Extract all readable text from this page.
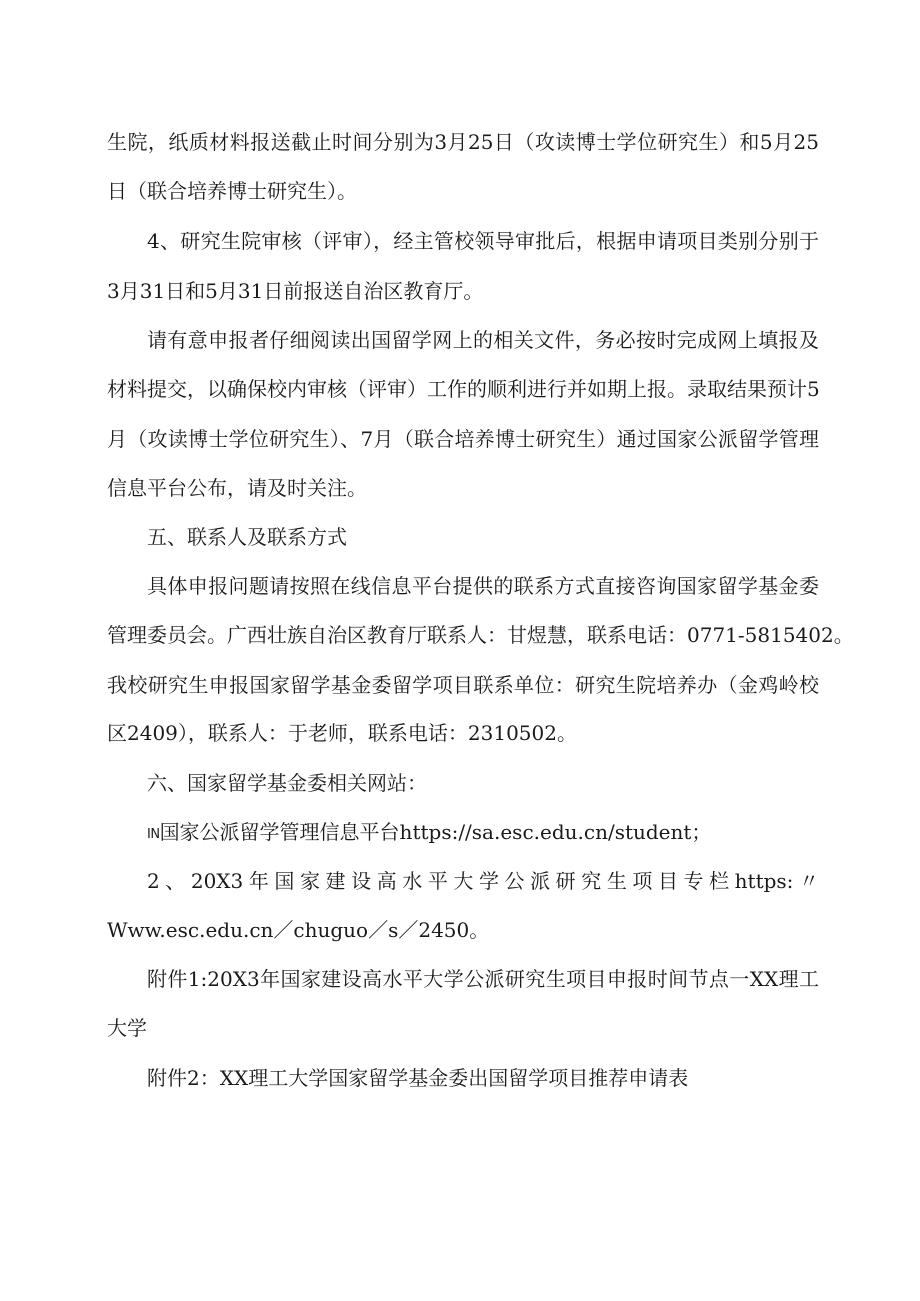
生院，纸质材料报送截止时间分别为3月25日（攻读博士学位研究生）和5月25
日（联合培养博士研究生）。
4、研究生院审核（评审），经主管校领导审批后，根据申请项目类别分别于
3月31日和5月31日前报送自治区教育厅。
请有意申报者仔细阅读出国留学网上的相关文件，务必按时完成网上填报及
材料提交，以确保校内审核（评审）工作的顺利进行并如期上报。录取结果预计5
月（攻读博士学位研究生）、7月（联合培养博士研究生）通过国家公派留学管理
信息平台公布，请及时关注。
五、联系人及联系方式
具体申报问题请按照在线信息平台提供的联系方式直接咨询国家留学基金委
管理委员会。广西壮族自治区教育厅联系人：甘煜慧，联系电话：0771-5815402。
我校研究生申报国家留学基金委留学项目联系单位：研究生院培养办（金鸡岭校
区2409），联系人：于老师，联系电话：2310502。
六、国家留学基金委相关网站：
IN国家公派留学管理信息平台https://sa.esc.edu.cn/student；
2、20X3年国家建设高水平大学公派研究生项目专栏https:〃
Www.esc.edu.cn／chuguo／s／2450。
附件1:20X3年国家建设高水平大学公派研究生项目申报时间节点一XX理工
大学
附件2：XX理工大学国家留学基金委出国留学项目推荐申请表
